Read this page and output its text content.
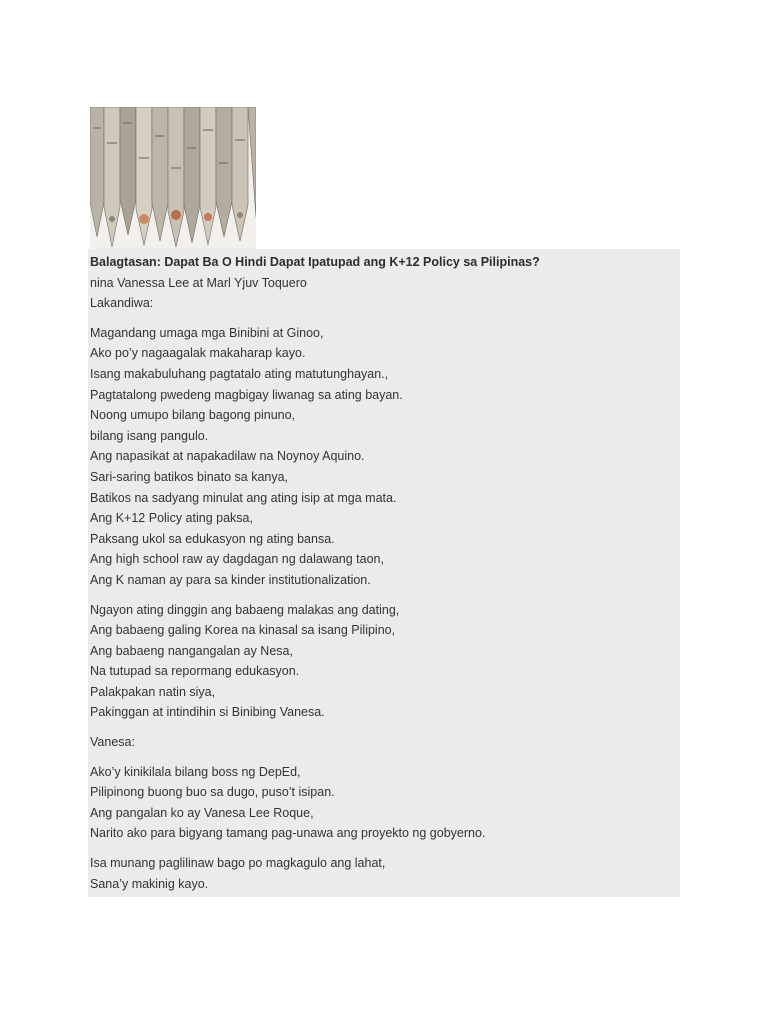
Balagtasan: Dapat Ba O Hindi Dapat Ipatupad ang K+12 Policy sa Pilipinas?
nina Vanessa Lee at Marl Yjuv Toquero
Lakandiwa:
Magandang umaga mga Binibini at Ginoo,
Ako po’y nagaagalak makaharap kayo.
Isang makabuluhang pagtatalo ating matutunghayan.,
Pagtatalong pwedeng magbigay liwanag sa ating bayan.
Noong umupo bilang bagong pinuno,
bilang isang pangulo.
Ang napasikat at napakadilaw na Noynoy Aquino.
Sari-saring batikos binato sa kanya,
Batikos na sadyang minulat ang ating isip at mga mata.
Ang K+12 Policy ating paksa,
Paksang ukol sa edukasyon ng ating bansa.
Ang high school raw ay dagdagan ng dalawang taon,
Ang K naman ay para sa kinder institutionalization.
Ngayon ating dinggin ang babaeng malakas ang dating,
Ang babaeng galing Korea na kinasal sa isang Pilipino,
Ang babaeng nangangalan ay Nesa,
Na tutupad sa repormang edukasyon.
Palakpakan natin siya,
Pakinggan at intindihin si Binibing Vanesa.
Vanesa:
Ako’y kinikilala bilang boss ng DepEd,
Pilipinong buong buo sa dugo, puso’t isipan.
Ang pangalan ko ay Vanesa Lee Roque,
Narito ako para bigyang tamang pag-unawa ang proyekto ng gobyerno.
Isa munang paglilinaw bago po magkagulo ang lahat,
Sana’y makinig kayo.
